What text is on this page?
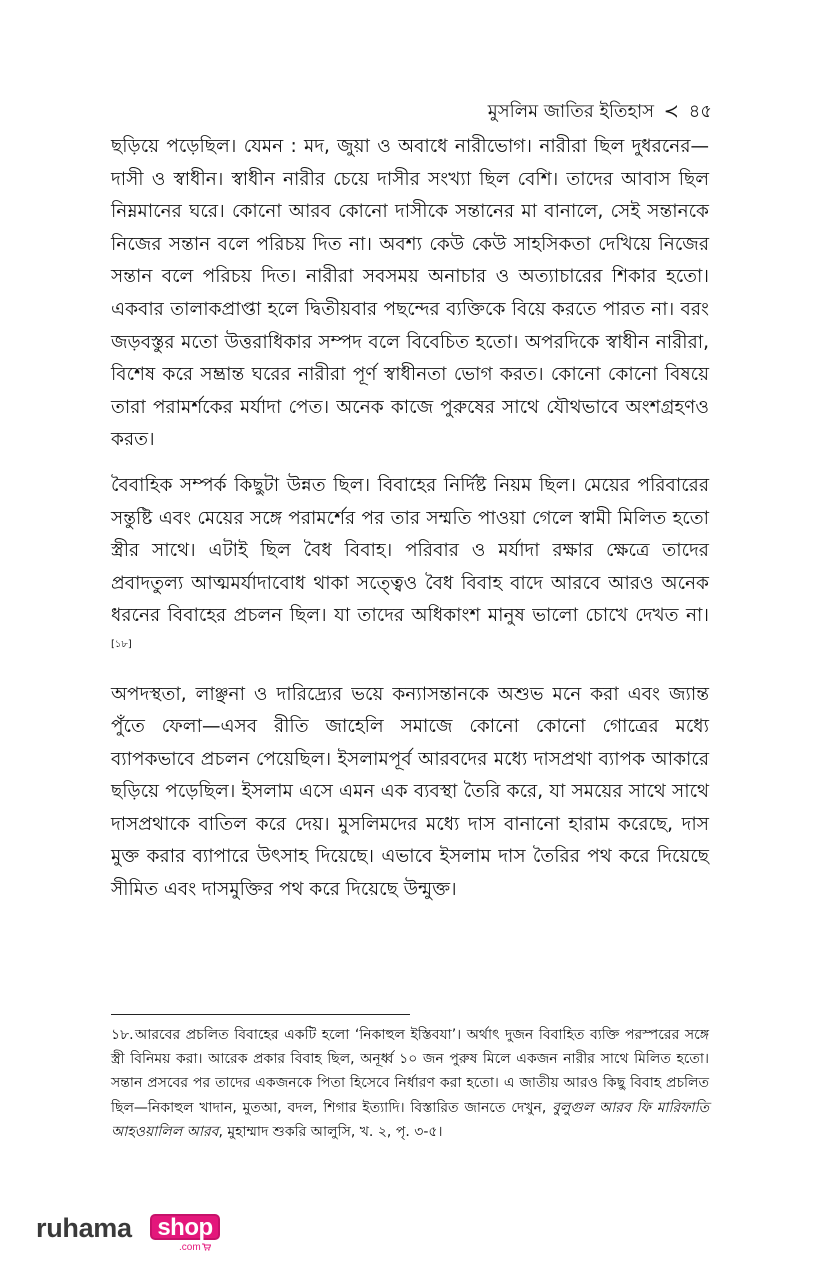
মুসলিম জাতির ইতিহাস ≺ ৪৫

ছড়িয়ে পড়েছিল। যেমন : মদ, জুয়া ও অবাধে নারীভোগ। নারীরা ছিল দুধরনের—দাসী ও স্বাধীন। স্বাধীন নারীর চেয়ে দাসীর সংখ্যা ছিল বেশি। তাদের আবাস ছিল নিম্নমানের ঘরে। কোনো আরব কোনো দাসীকে সন্তানের মা বানালে, সেই সন্তানকে নিজের সন্তান বলে পরিচয় দিত না। অবশ্য কেউ কেউ সাহসিকতা দেখিয়ে নিজের সন্তান বলে পরিচয় দিত। নারীরা সবসময় অনাচার ও অত্যাচারের শিকার হতো। একবার তালাকপ্রাপ্তা হলে দ্বিতীয়বার পছন্দের ব্যক্তিকে বিয়ে করতে পারত না। বরং জড়বস্তুর মতো উত্তরাধিকার সম্পদ বলে বিবেচিত হতো। অপরদিকে স্বাধীন নারীরা, বিশেষ করে সম্ভ্রান্ত ঘরের নারীরা পূর্ণ স্বাধীনতা ভোগ করত। কোনো কোনো বিষয়ে তারা পরামর্শকের মর্যাদা পেত। অনেক কাজে পুরুষের সাথে যৌথভাবে অংশগ্রহণও করত।

বৈবাহিক সম্পর্ক কিছুটা উন্নত ছিল। বিবাহের নির্দিষ্ট নিয়ম ছিল। মেয়ের পরিবারের সন্তুষ্টি এবং মেয়ের সঙ্গে পরামর্শের পর তার সম্মতি পাওয়া গেলে স্বামী মিলিত হতো স্ত্রীর সাথে। এটাই ছিল বৈধ বিবাহ। পরিবার ও মর্যাদা রক্ষার ক্ষেত্রে তাদের প্রবাদতুল্য আত্মমর্যাদাবোধ থাকা সত্ত্বেও বৈধ বিবাহ বাদে আরবে আরও অনেক ধরনের বিবাহের প্রচলন ছিল। যা তাদের অধিকাংশ মানুষ ভালো চোখে দেখত না।[১৮]

অপদস্থতা, লাঞ্ছনা ও দারিদ্র্যের ভয়ে কন্যাসন্তানকে অশুভ মনে করা এবং জ্যান্ত পুঁতে ফেলা—এসব রীতি জাহেলি সমাজে কোনো কোনো গোত্রের মধ্যে ব্যাপকভাবে প্রচলন পেয়েছিল। ইসলামপূর্ব আরবদের মধ্যে দাসপ্রথা ব্যাপক আকারে ছড়িয়ে পড়েছিল। ইসলাম এসে এমন এক ব্যবস্থা তৈরি করে, যা সময়ের সাথে সাথে দাসপ্রথাকে বাতিল করে দেয়। মুসলিমদের মধ্যে দাস বানানো হারাম করেছে, দাস মুক্ত করার ব্যাপারে উৎসাহ দিয়েছে। এভাবে ইসলাম দাস তৈরির পথ করে দিয়েছে সীমিত এবং দাসমুক্তির পথ করে দিয়েছে উন্মুক্ত।

১৮.আরবের প্রচলিত বিবাহের একটি হলো ‘নিকাহুল ইস্তিবযা’। অর্থাৎ দুজন বিবাহিত ব্যক্তি পরস্পরের সঙ্গে স্ত্রী বিনিময় করা। আরেক প্রকার বিবাহ ছিল, অনূর্ধ্ব ১০ জন পুরুষ মিলে একজন নারীর সাথে মিলিত হতো। সন্তান প্রসবের পর তাদের একজনকে পিতা হিসেবে নির্ধারণ করা হতো। এ জাতীয় আরও কিছু বিবাহ প্রচলিত ছিল—নিকাহুল খাদান, মুতআ, বদল, শিগার ইত্যাদি। বিস্তারিত জানতে দেখুন, বুলুগুল আরব ফি মারিফাতি আহওয়ালিল আরব, মুহাম্মাদ শুকরি আলুসি, খ. ২, পৃ. ৩-৫।
ruhama shop
.com
